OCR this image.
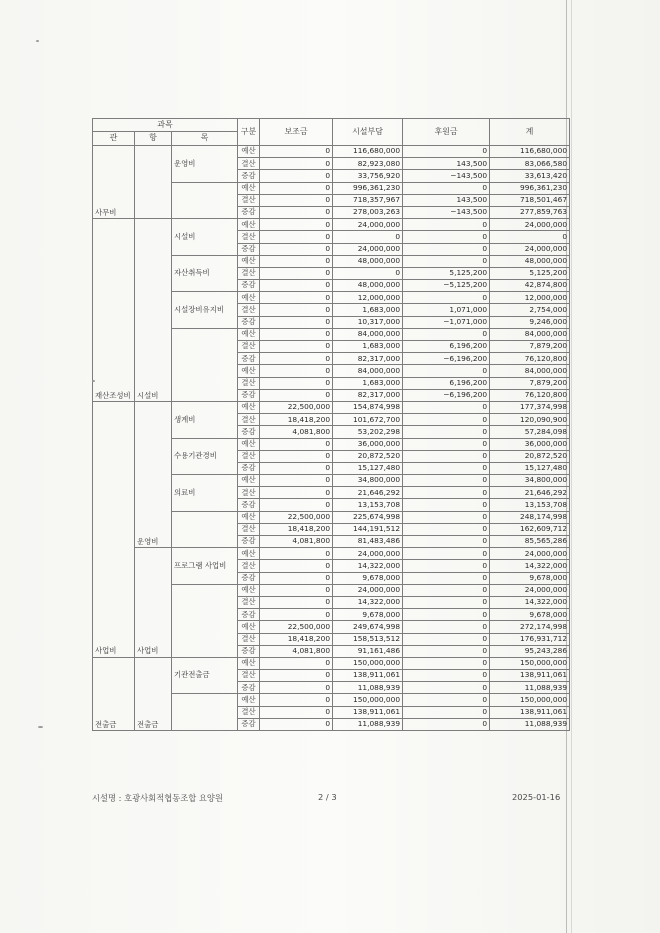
과목			구분	보조금	시설부담	후원금	계
관	항	목					
사무비		운영비	예산	0	116,680,000	0	116,680,000
			결산	0	82,923,080	143,500	83,066,580
			증감	0	33,756,920	−143,500	33,613,420
			예산	0	996,361,230	0	996,361,230
			결산	0	718,357,967	143,500	718,501,467
			증감	0	278,003,263	−143,500	277,859,763
재산조성비	시설비	시설비	예산	0	24,000,000	0	24,000,000
			결산	0	0	0	0
			증감	0	24,000,000	0	24,000,000
		자산취득비	예산	0	48,000,000	0	48,000,000
			결산	0	0	5,125,200	5,125,200
			증감	0	48,000,000	−5,125,200	42,874,800
		시설장비유지비	예산	0	12,000,000	0	12,000,000
			결산	0	1,683,000	1,071,000	2,754,000
			증감	0	10,317,000	−1,071,000	9,246,000
			예산	0	84,000,000	0	84,000,000
			결산	0	1,683,000	6,196,200	7,879,200
			증감	0	82,317,000	−6,196,200	76,120,800
			예산	0	84,000,000	0	84,000,000
			결산	0	1,683,000	6,196,200	7,879,200
			증감	0	82,317,000	−6,196,200	76,120,800
사업비	운영비	생계비	예산	22,500,000	154,874,998	0	177,374,998
			결산	18,418,200	101,672,700	0	120,090,900
			증감	4,081,800	53,202,298	0	57,284,098
		수용기관경비	예산	0	36,000,000	0	36,000,000
			결산	0	20,872,520	0	20,872,520
			증감	0	15,127,480	0	15,127,480
		의료비	예산	0	34,800,000	0	34,800,000
			결산	0	21,646,292	0	21,646,292
			증감	0	13,153,708	0	13,153,708
			예산	22,500,000	225,674,998	0	248,174,998
			결산	18,418,200	144,191,512	0	162,609,712
			증감	4,081,800	81,483,486	0	85,565,286
	사업비	프로그램 사업비	예산	0	24,000,000	0	24,000,000
			결산	0	14,322,000	0	14,322,000
			증감	0	9,678,000	0	9,678,000
			예산	0	24,000,000	0	24,000,000
			결산	0	14,322,000	0	14,322,000
			증감	0	9,678,000	0	9,678,000
			예산	22,500,000	249,674,998	0	272,174,998
			결산	18,418,200	158,513,512	0	176,931,712
			증감	4,081,800	91,161,486	0	95,243,286
전출금	전출금	기관전출금	예산	0	150,000,000	0	150,000,000
			결산	0	138,911,061	0	138,911,061
			증감	0	11,088,939	0	11,088,939
			예산	0	150,000,000	0	150,000,000
			결산	0	138,911,061	0	138,911,061
			증감	0	11,088,939	0	11,088,939
시설명 : 호광사회적협동조합 요양원	2 / 3	2025-01-16
